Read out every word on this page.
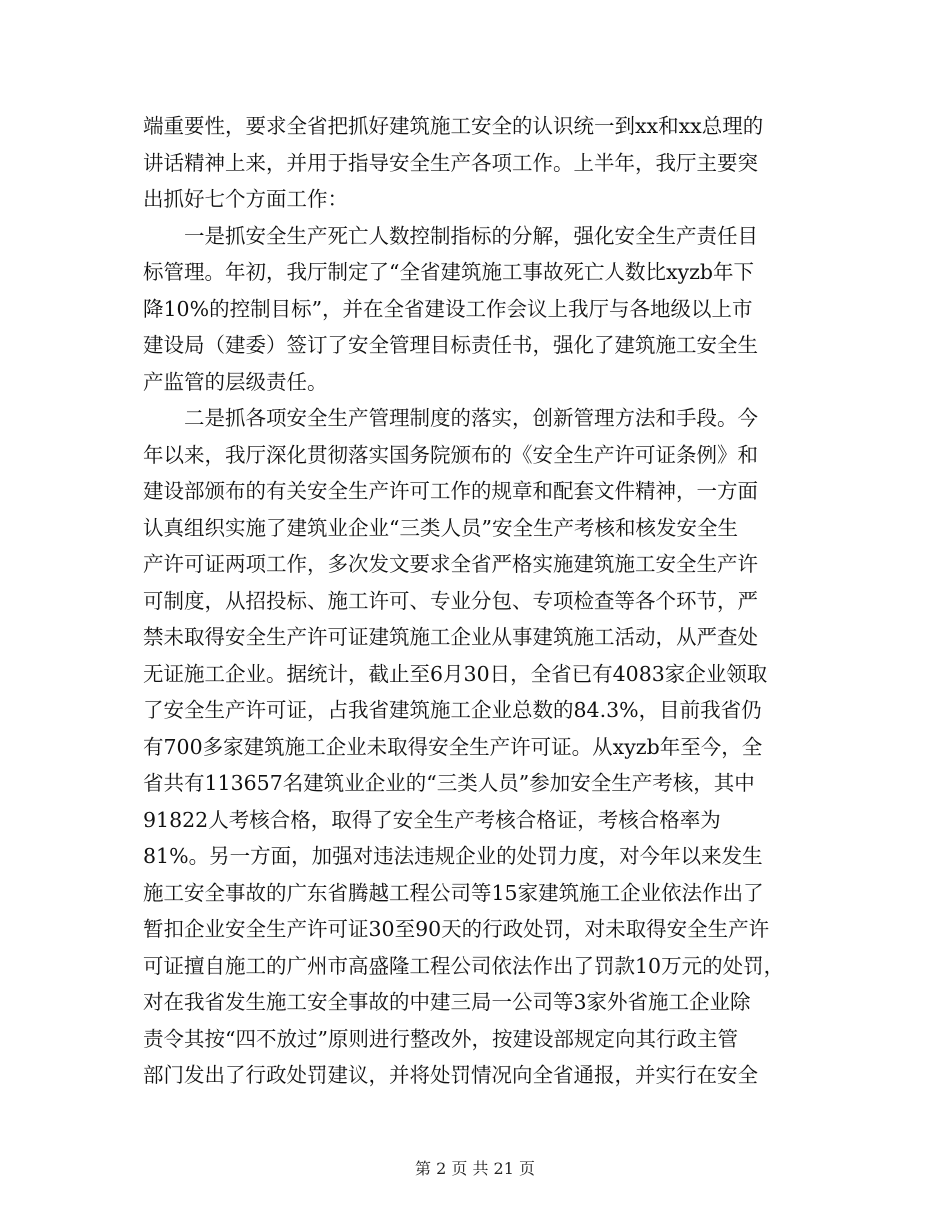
端重要性，要求全省把抓好建筑施工安全的认识统一到xx和xx总理的
讲话精神上来，并用于指导安全生产各项工作。上半年，我厅主要突
出抓好七个方面工作：
　　一是抓安全生产死亡人数控制指标的分解，强化安全生产责任目
标管理。年初，我厅制定了“全省建筑施工事故死亡人数比xyzb年下
降10%的控制目标”，并在全省建设工作会议上我厅与各地级以上市
建设局（建委）签订了安全管理目标责任书，强化了建筑施工安全生
产监管的层级责任。
　　二是抓各项安全生产管理制度的落实，创新管理方法和手段。今
年以来，我厅深化贯彻落实国务院颁布的《安全生产许可证条例》和
建设部颁布的有关安全生产许可工作的规章和配套文件精神，一方面
认真组织实施了建筑业企业“三类人员”安全生产考核和核发安全生
产许可证两项工作，多次发文要求全省严格实施建筑施工安全生产许
可制度，从招投标、施工许可、专业分包、专项检查等各个环节，严
禁未取得安全生产许可证建筑施工企业从事建筑施工活动，从严查处
无证施工企业。据统计，截止至6月30日，全省已有4083家企业领取
了安全生产许可证，占我省建筑施工企业总数的84.3%，目前我省仍
有700多家建筑施工企业未取得安全生产许可证。从xyzb年至今，全
省共有113657名建筑业企业的“三类人员”参加安全生产考核，其中
91822人考核合格，取得了安全生产考核合格证，考核合格率为
81%。另一方面，加强对违法违规企业的处罚力度，对今年以来发生
施工安全事故的广东省腾越工程公司等15家建筑施工企业依法作出了
暂扣企业安全生产许可证30至90天的行政处罚，对未取得安全生产许
可证擅自施工的广州市高盛隆工程公司依法作出了罚款10万元的处罚，
对在我省发生施工安全事故的中建三局一公司等3家外省施工企业除
责令其按“四不放过”原则进行整改外，按建设部规定向其行政主管
部门发出了行政处罚建议，并将处罚情况向全省通报，并实行在安全
第 2 页 共 21 页
